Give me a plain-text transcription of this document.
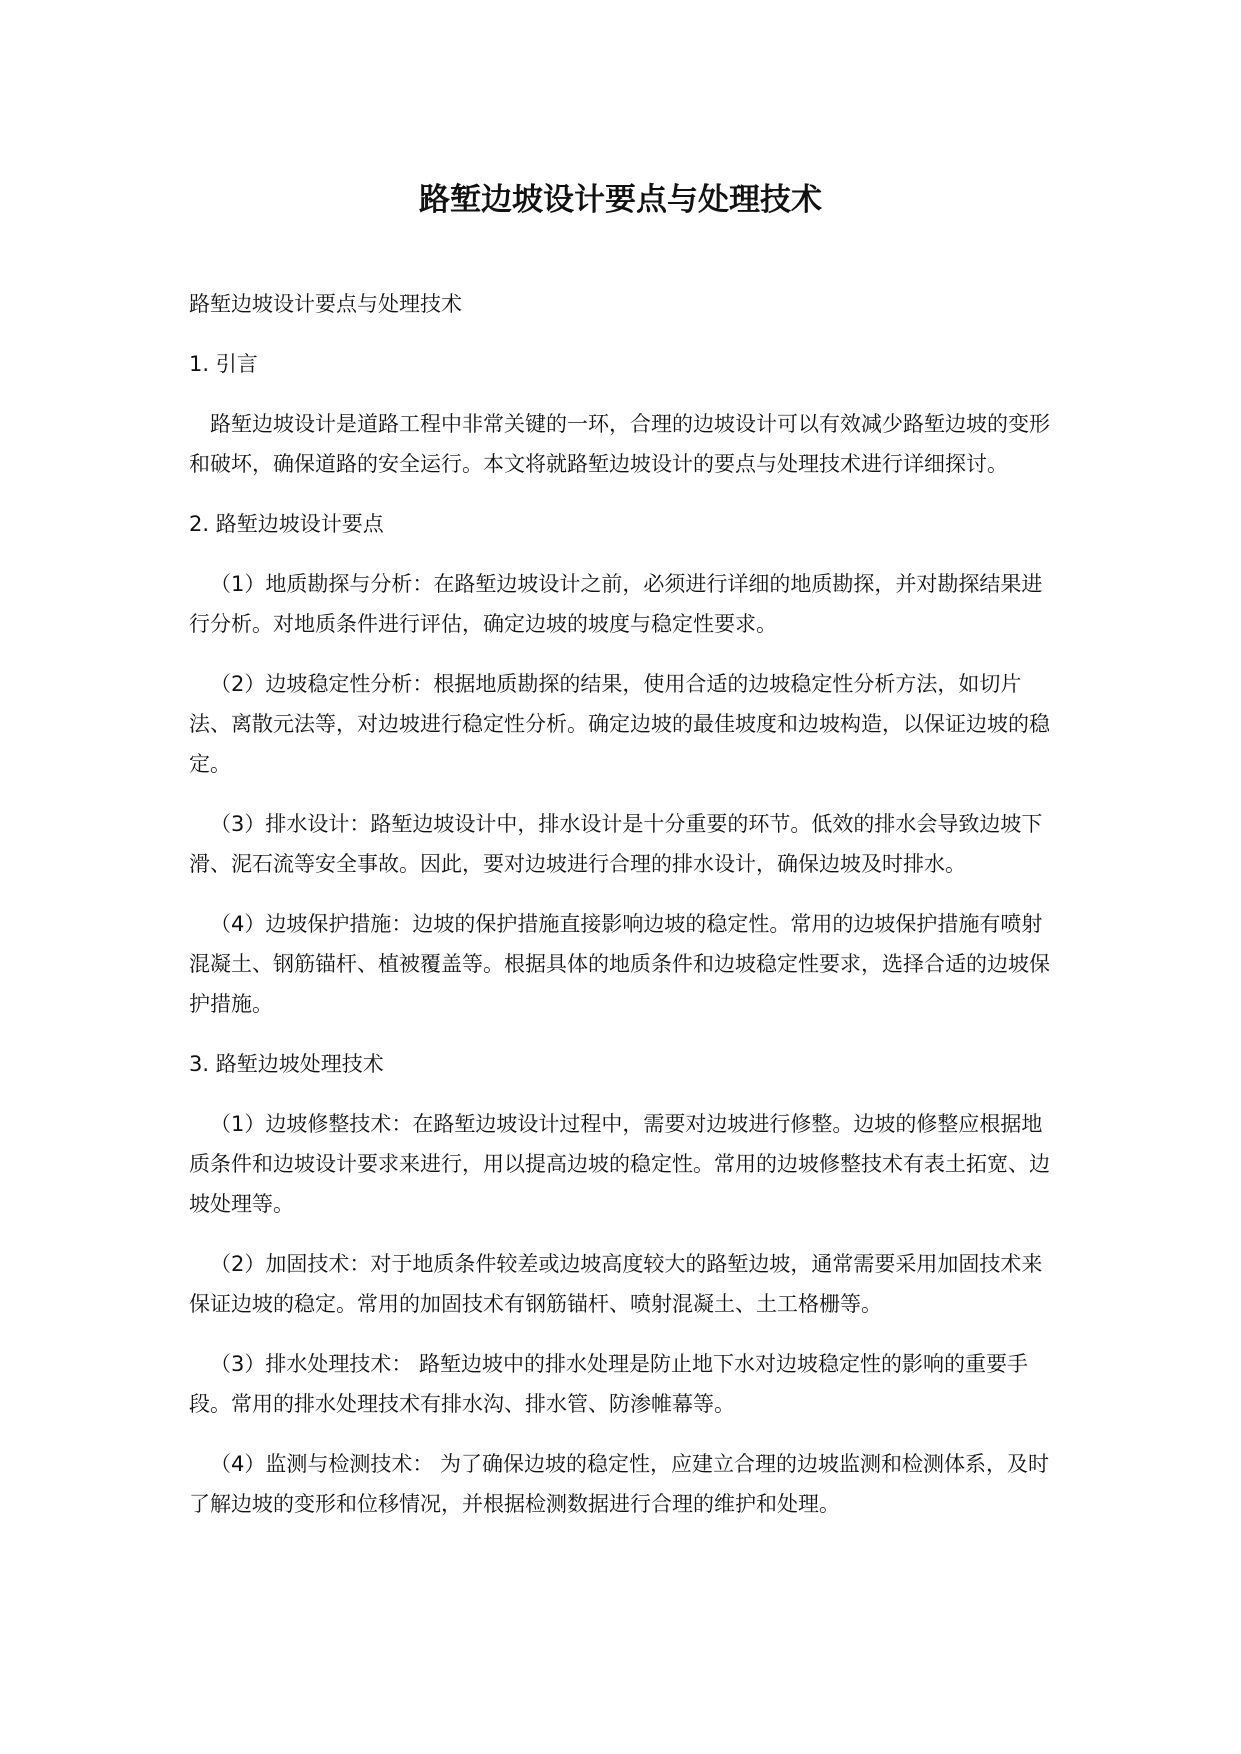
路堑边坡设计要点与处理技术

路堑边坡设计要点与处理技术

1. 引言

路堑边坡设计是道路工程中非常关键的一环，合理的边坡设计可以有效减少路堑边坡的变形和破坏，确保道路的安全运行。本文将就路堑边坡设计的要点与处理技术进行详细探讨。

2. 路堑边坡设计要点

（1）地质勘探与分析：在路堑边坡设计之前，必须进行详细的地质勘探，并对勘探结果进行分析。对地质条件进行评估，确定边坡的坡度与稳定性要求。

（2）边坡稳定性分析：根据地质勘探的结果，使用合适的边坡稳定性分析方法，如切片法、离散元法等，对边坡进行稳定性分析。确定边坡的最佳坡度和边坡构造，以保证边坡的稳定。

（3）排水设计：路堑边坡设计中，排水设计是十分重要的环节。低效的排水会导致边坡下滑、泥石流等安全事故。因此，要对边坡进行合理的排水设计，确保边坡及时排水。

（4）边坡保护措施：边坡的保护措施直接影响边坡的稳定性。常用的边坡保护措施有喷射混凝土、钢筋锚杆、植被覆盖等。根据具体的地质条件和边坡稳定性要求，选择合适的边坡保护措施。

3. 路堑边坡处理技术

（1）边坡修整技术：在路堑边坡设计过程中，需要对边坡进行修整。边坡的修整应根据地质条件和边坡设计要求来进行，用以提高边坡的稳定性。常用的边坡修整技术有表土拓宽、边坡处理等。

（2）加固技术：对于地质条件较差或边坡高度较大的路堑边坡，通常需要采用加固技术来保证边坡的稳定。常用的加固技术有钢筋锚杆、喷射混凝土、土工格栅等。

（3）排水处理技术： 路堑边坡中的排水处理是防止地下水对边坡稳定性的影响的重要手段。常用的排水处理技术有排水沟、排水管、防渗帷幕等。

（4）监测与检测技术： 为了确保边坡的稳定性，应建立合理的边坡监测和检测体系，及时了解边坡的变形和位移情况，并根据检测数据进行合理的维护和处理。
